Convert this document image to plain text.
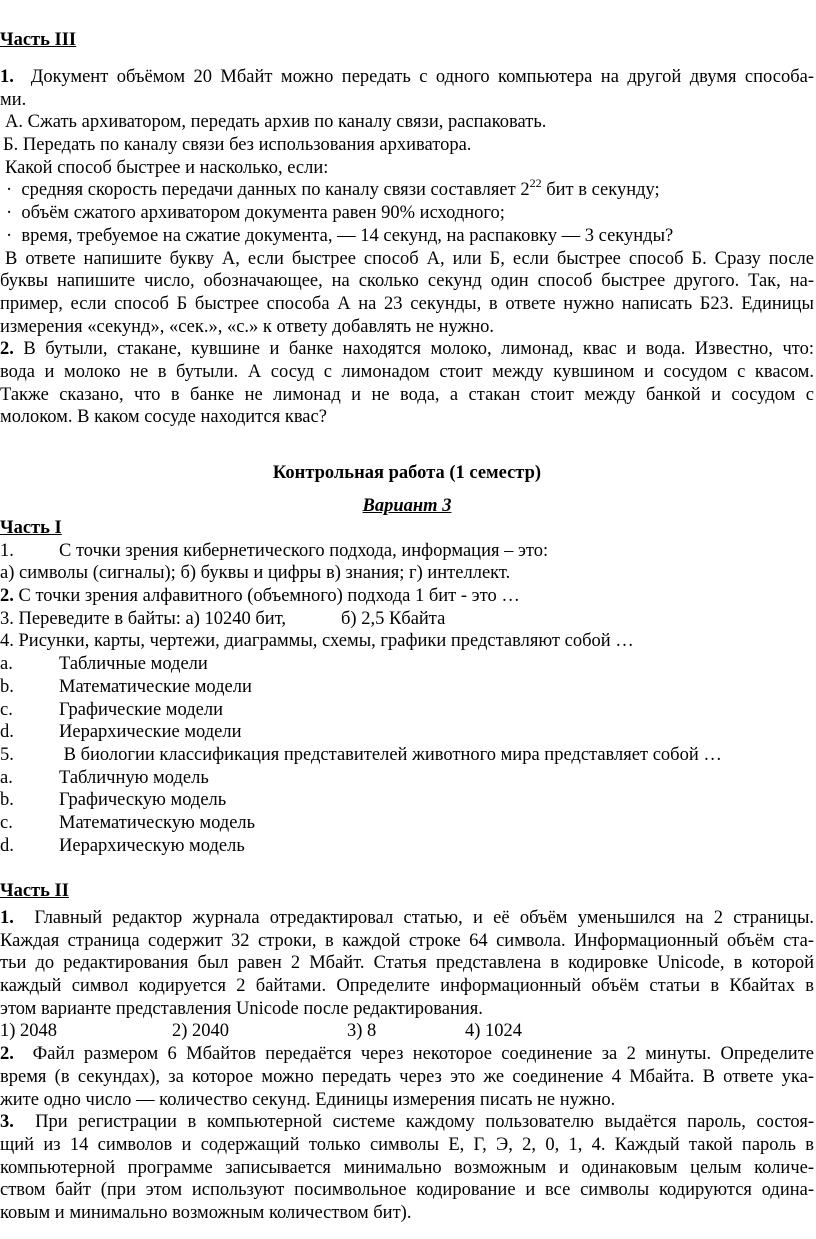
Часть III
1. Документ объёмом 20 Мбайт можно передать с одного компьютера на другой двумя способа-
ми.
А. Сжать архиватором, передать архив по каналу связи, распаковать.
Б. Передать по каналу связи без использования архиватора.
Какой способ быстрее и насколько, если:
· средняя скорость передачи данных по каналу связи составляет $2^{22}$ бит в секунду;
· объём сжатого архиватором документа равен 90% исходного;
· время, требуемое на сжатие документа, — 14 секунд, на распаковку — 3 секунды?
В ответе напишите букву А, если быстрее способ А, или Б, если быстрее способ Б. Сразу после
буквы напишите число, обозначающее, на сколько секунд один способ быстрее другого. Так, на-
пример, если способ Б быстрее способа А на 23 секунды, в ответе нужно написать Б23. Единицы
измерения «секунд», «сек.», «с.» к ответу добавлять не нужно.
2. В бутыли, стакане, кувшине и банке находятся молоко, лимонад, квас и вода. Известно, что:
вода и молоко не в бутыли. А сосуд с лимонадом стоит между кувшином и сосудом с квасом.
Также сказано, что в банке не лимонад и не вода, а стакан стоит между банкой и сосудом с
молоком. В каком сосуде находится квас?
Контрольная работа (1 семестр)
Вариант 3
Часть I
1. С точки зрения кибернетического подхода, информация – это:
а) символы (сигналы); б) буквы и цифры в) знания; г) интеллект.
2. С точки зрения алфавитного (объемного) подхода 1 бит - это …
3. Переведите в байты: а) 10240 бит,	б) 2,5 Кбайта
4. Рисунки, карты, чертежи, диаграммы, схемы, графики представляют собой …
a. Табличные модели
b. Математические модели
c. Графические модели
d. Иерархические модели
5.	В биологии классификация представителей животного мира представляет собой …
a. Табличную модель
b. Графическую модель
c. Математическую модель
d. Иерархическую модель
Часть II
1. Главный редактор журнала отредактировал статью, и её объём уменьшился на 2 страницы.
Каждая страница содержит 32 строки, в каждой строке 64 символа. Информационный объём ста-
тьи до редактирования был равен 2 Мбайт. Статья представлена в кодировке Unicode, в которой
каждый символ кодируется 2 байтами. Определите информационный объём статьи в Кбайтах в
этом варианте представления Unicode после редактирования.
1) 2048	2) 2040	3) 8	4) 1024
2. Файл размером 6 Мбайтов передаётся через некоторое соединение за 2 минуты. Определите
время (в секундах), за которое можно передать через это же соединение 4 Мбайта. В ответе ука-
жите одно число — количество секунд. Единицы измерения писать не нужно.
3. При регистрации в компьютерной системе каждому пользователю выдаётся пароль, состоя-
щий из 14 символов и содержащий только символы Е, Г, Э, 2, 0, 1, 4. Каждый такой пароль в
компьютерной программе записывается минимально возможным и одинаковым целым количе-
ством байт (при этом используют посимвольное кодирование и все символы кодируются одина-
ковым и минимально возможным количеством бит).
